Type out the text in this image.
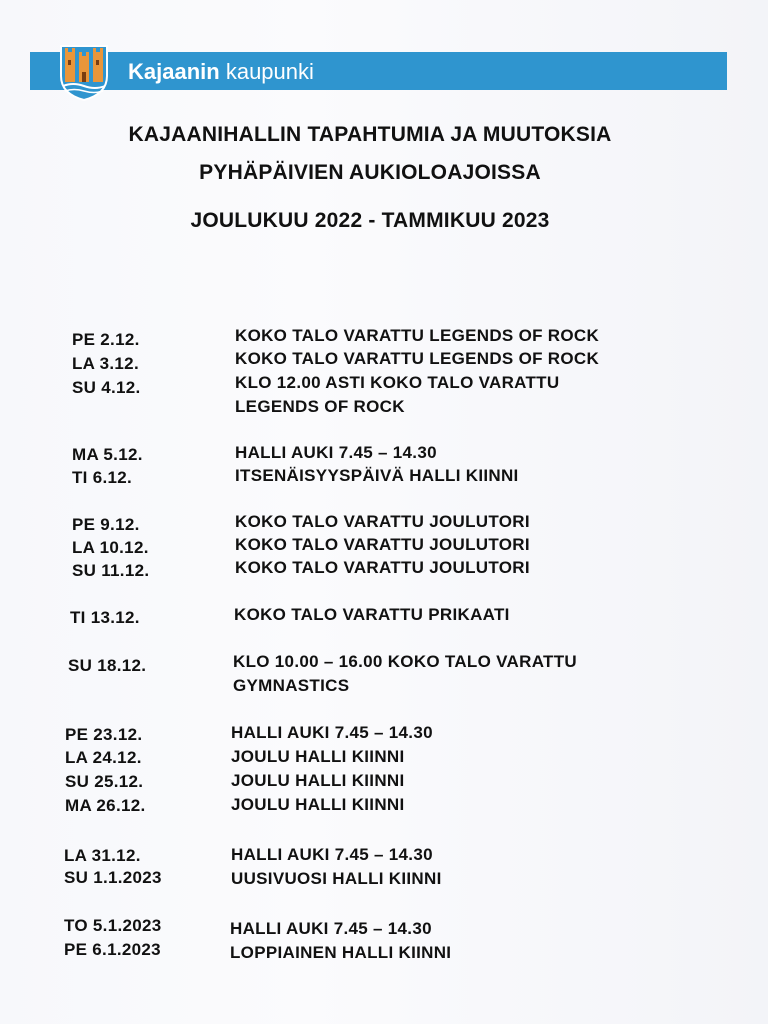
Kajaanin kaupunki
KAJAANIHALLIN TAPAHTUMIA JA MUUTOKSIA
PYHÄPÄIVIEN AUKIOLOAJOISSA
JOULUKUU 2022 - TAMMIKUU 2023
PE 2.12.	KOKO TALO VARATTU LEGENDS OF ROCK
LA 3.12.	KOKO TALO VARATTU LEGENDS OF ROCK
SU 4.12.	KLO 12.00 ASTI KOKO TALO VARATTU
LEGENDS OF ROCK
MA 5.12.	HALLI AUKI 7.45 – 14.30
TI 6.12.	ITSENÄISYYSPÄIVÄ HALLI KIINNI
PE 9.12.	KOKO TALO VARATTU JOULUTORI
LA 10.12.	KOKO TALO VARATTU JOULUTORI
SU 11.12.	KOKO TALO VARATTU JOULUTORI
TI 13.12.	KOKO TALO VARATTU PRIKAATI
SU 18.12.	KLO 10.00 – 16.00 KOKO TALO VARATTU
GYMNASTICS
PE 23.12.	HALLI AUKI 7.45 – 14.30
LA 24.12.	JOULU HALLI KIINNI
SU 25.12.	JOULU HALLI KIINNI
MA 26.12.	JOULU HALLI KIINNI
LA 31.12.	HALLI AUKI 7.45 – 14.30
SU 1.1.2023	UUSIVUOSI HALLI KIINNI
TO 5.1.2023	HALLI AUKI 7.45 – 14.30
PE 6.1.2023	LOPPIAINEN HALLI KIINNI
